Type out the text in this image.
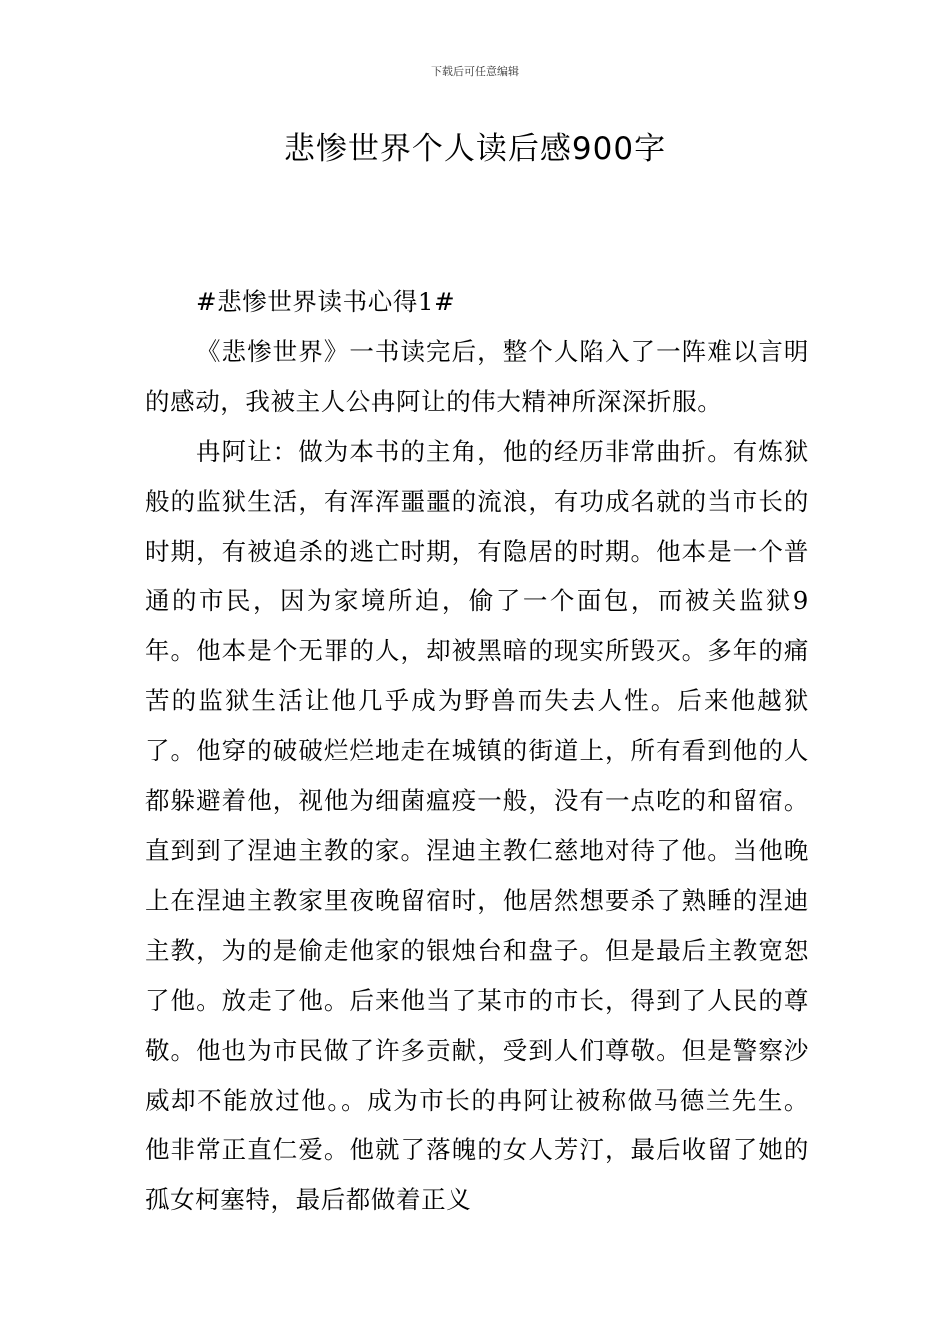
下载后可任意编辑
悲惨世界个人读后感900字

#悲惨世界读书心得1#

《悲惨世界》一书读完后，整个人陷入了一阵难以言明的感动，我被主人公冉阿让的伟大精神所深深折服。

冉阿让：做为本书的主角，他的经历非常曲折。有炼狱般的监狱生活，有浑浑噩噩的流浪，有功成名就的当市长的时期，有被追杀的逃亡时期，有隐居的时期。他本是一个普通的市民，因为家境所迫，偷了一个面包，而被关监狱9年。他本是个无罪的人，却被黑暗的现实所毁灭。多年的痛苦的监狱生活让他几乎成为野兽而失去人性。后来他越狱了。他穿的破破烂烂地走在城镇的街道上，所有看到他的人都躲避着他，视他为细菌瘟疫一般，没有一点吃的和留宿。直到到了涅迪主教的家。涅迪主教仁慈地对待了他。当他晚上在涅迪主教家里夜晚留宿时，他居然想要杀了熟睡的涅迪主教，为的是偷走他家的银烛台和盘子。但是最后主教宽恕了他。放走了他。后来他当了某市的市长，得到了人民的尊敬。他也为市民做了许多贡献，受到人们尊敬。但是警察沙威却不能放过他。。成为市长的冉阿让被称做马德兰先生。他非常正直仁爱。他就了落魄的女人芳汀，最后收留了她的孤女柯塞特，最后都做着正义
